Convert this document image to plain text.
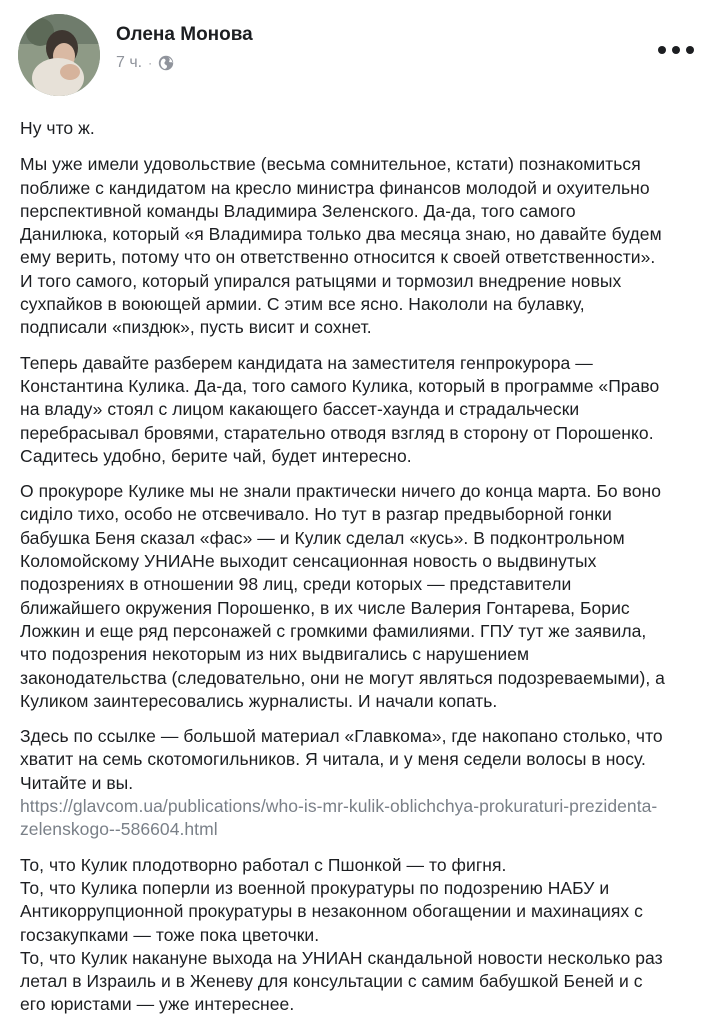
Олена Монова
7 ч. ·

Ну что ж.

Мы уже имели удовольствие (весьма сомнительное, кстати) познакомиться
поближе с кандидатом на кресло министра финансов молодой и охуительно
перспективной команды Владимира Зеленского. Да-да, того самого
Данилюка, который «я Владимира только два месяца знаю, но давайте будем
ему верить, потому что он ответственно относится к своей ответственности».
И того самого, который упирался ратыцями и тормозил внедрение новых
сухпайков в воюющей армии. С этим все ясно. Накололи на булавку,
подписали «пиздюк», пусть висит и сохнет.

Теперь давайте разберем кандидата на заместителя генпрокурора —
Константина Кулика. Да-да, того самого Кулика, который в программе «Право
на владу» стоял с лицом какающего бассет-хаунда и страдальчески
перебрасывал бровями, старательно отводя взгляд в сторону от Порошенко.
Садитесь удобно, берите чай, будет интересно.

О прокуроре Кулике мы не знали практически ничего до конца марта. Бо воно
сидiло тихо, особо не отсвечивало. Но тут в разгар предвыборной гонки
бабушка Беня сказал «фас» — и Кулик сделал «кусь». В подконтрольном
Коломойскому УНИАНе выходит сенсационная новость о выдвинутых
подозрениях в отношении 98 лиц, среди которых — представители
ближайшего окружения Порошенко, в их числе Валерия Гонтарева, Борис
Ложкин и еще ряд персонажей с громкими фамилиями. ГПУ тут же заявила,
что подозрения некоторым из них выдвигались с нарушением
законодательства (следовательно, они не могут являться подозреваемыми), а
Куликом заинтересовались журналисты. И начали копать.

Здесь по ссылке — большой материал «Главкома», где накопано столько, что
хватит на семь скотомогильников. Я читала, и у меня седели волосы в носу.
Читайте и вы.
https://glavcom.ua/publications/who-is-mr-kulik-oblichchya-prokuraturi-prezidenta-
zelenskogo--586604.html

То, что Кулик плодотворно работал с Пшонкой — то фигня.
То, что Кулика поперли из военной прокуратуры по подозрению НАБУ и
Антикоррупционной прокуратуры в незаконном обогащении и махинациях с
госзакупками — тоже пока цветочки.
То, что Кулик накануне выхода на УНИАН скандальной новости несколько раз
летал в Израиль и в Женеву для консультации с самим бабушкой Беней и с
его юристами — уже интереснее.
